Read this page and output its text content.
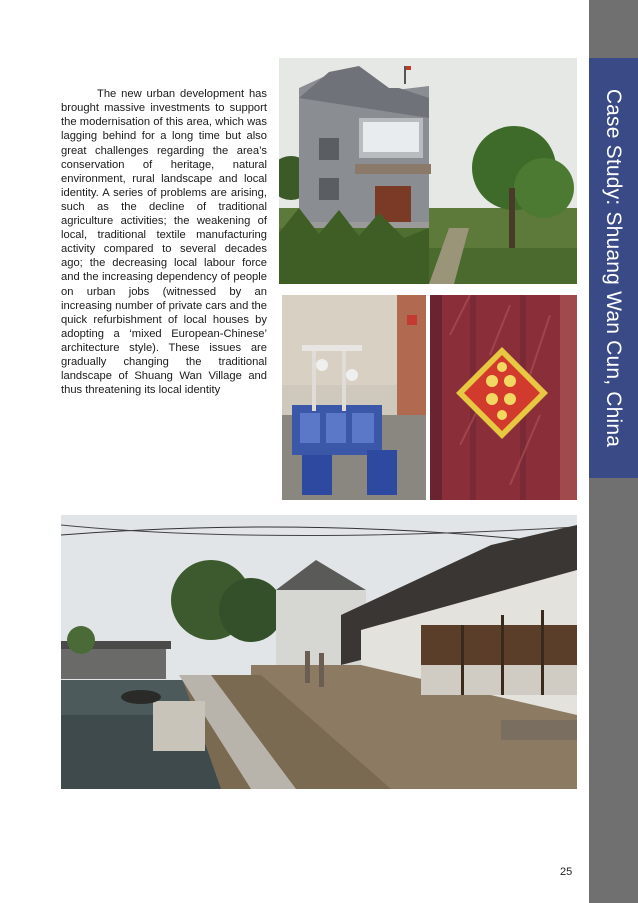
Case Study: Shuang Wan Cun, China

The new urban development has brought massive investments to support the modernisation of this area, which was lagging behind for a long time but also great challenges regarding the area’s conservation of heritage, natural environment, rural landscape and local identity. A series of problems are arising, such as the decline of traditional agriculture activities; the weakening of local, traditional textile manufacturing activity compared to several decades ago; the decreasing local labour force and the increasing dependency of people on urban jobs (witnessed by an increasing number of private cars and the quick refurbishment of local houses by adopting a ‘mixed European-Chinese’ architecture style). These issues are gradually changing the traditional landscape of Shuang Wan Village and thus threatening its local identity

25
